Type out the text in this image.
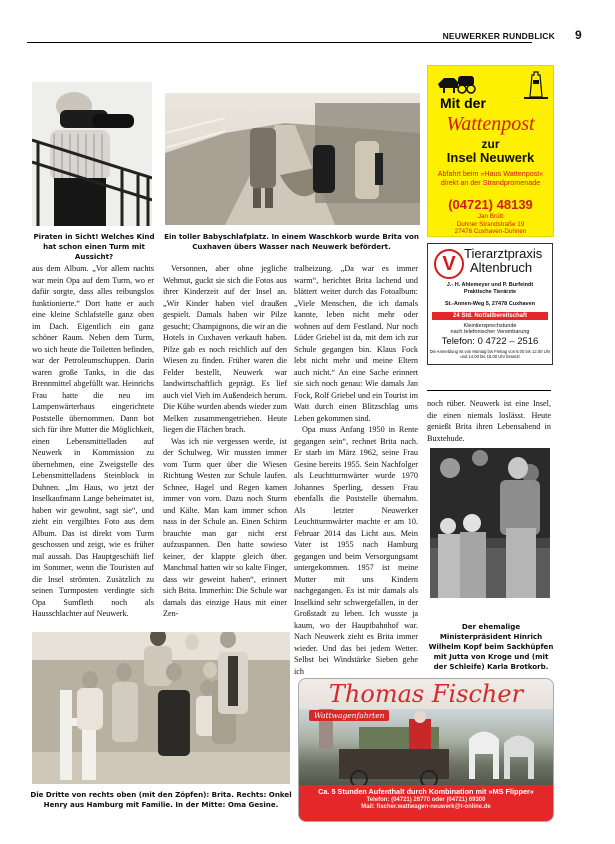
NEUWERKER RUNDBLICK 9
Piraten in Sicht! Welches Kind hat schon einen Turm mit Aussicht?
Ein toller Babyschlafplatz. In einem Waschkorb wurde Brita von Cuxhaven übers Wasser nach Neuwerk befördert.

aus dem Album. „Vor allem nachts war mein Opa auf dem Turm, wo er dafür sorgte, dass alles reibungslos funktionierte.“ Dort hatte er auch eine kleine Schlafstelle ganz oben im Dach. Eigentlich ein ganz schöner Raum. Neben dem Turm, wo sich heute die Toiletten befinden, war der Petroleumschuppen. Darin waren große Tanks, in die das Brennmittel abgefüllt war. Heinrichs Frau hatte die neu im Lampenwärterhaus eingerichtete Poststelle übernommen. Dann bot sich für ihre Mutter die Möglichkeit, einen Lebensmittelladen auf Neuwerk in Kommission zu übernehmen, eine Zweigstelle des Lebensmittelladens Steinblock in Duhnen. „Im Haus, wo jetzt der Inselkaufmann Lange beheimatet ist, haben wir gewohnt, sagt sie“, und zieht ein vergilbtes Foto aus dem Album. Das ist direkt vom Turm geschossen und zeigt, wie es früher mal aussah. Das Hauptgeschäft lief im Sommer, wenn die Touristen auf die Insel strömten. Zusätzlich zu seinen Turmposten verdingte sich Opa Sumfleth noch als Hausschlachter auf Neuwerk.

Versonnen, aber ohne jegliche Wehmut, guckt sie sich die Fotos aus ihrer Kinderzeit auf der Insel an. „Wir Kinder haben viel draußen gespielt. Damals haben wir Pilze gesucht; Champignons, die wir an die Hotels in Cuxhaven verkauft haben. Pilze gab es noch reichlich auf den Wiesen zu finden. Früher waren die Felder bestellt, Neuwerk war landwirtschaftlich geprägt. Es lief auch viel Vieh im Außendeich herum. Die Kühe wurden abends wieder zum Melken zusammengetrieben. Heute liegen die Flächen brach.

Was ich nie vergessen werde, ist der Schulweg. Wir mussten immer vom Turm quer über die Wiesen Richtung Westen zur Schule laufen. Schnee, Hagel und Regen kamen immer von vorn. Dazu noch Sturm und Kälte. Man kam immer schon nass in der Schule an. Einen Schirm brauchte man gar nicht erst aufzuspannen. Den hatte sowieso keiner, der klappte gleich über. Manchmal hatten wir so kalte Finger, dass wir geweint haben“, erinnert sich Brita. Immerhin: Die Schule war damals das einzige Haus mit einer Zen-

tralheizung. „Da war es immer warm“, berichtet Brita lachend und blättert weiter durch das Fotoalbum: „Viele Menschen, die ich damals kannte, leben nicht mehr oder wohnen auf dem Festland. Nur noch Lüder Griebel ist da, mit dem ich zur Schule gegangen bin. Klaus Fock lebt nicht mehr und meine Eltern auch nicht.“ An eine Sache erinnert sie sich noch genau: Wie damals Jan Fock, Rolf Griebel und ein Tourist im Watt durch einen Blitzschlag ums Leben gekommen sind.

Opa muss Anfang 1950 in Rente gegangen sein“, rechnet Brita nach. Er starb im März 1962, seine Frau Gesine bereits 1955. Sein Nachfolger als Leuchtturmwärter wurde 1970 Johannes Sperling, dessen Frau ebenfalls die Poststelle übernahm. Als letzter Neuwerker Leuchtturmwärter machte er am 10. Februar 2014 das Licht aus. Mein Vater ist 1955 nach Hamburg gegangen und beim Versorgungsamt untergekommen. 1957 ist meine Mutter mit uns Kindern nachgegangen. Es ist mir damals als Inselkind sehr schwergefallen, in der Großstadt zu leben. Ich wusste ja kaum, wo der Hauptbahnhof war. Nach Neuwerk zieht es Brita immer wieder. Und das bei jedem Wetter. Selbst bei Windstärke Sieben gehe ich

noch rüber. Neuwerk ist eine Insel, die einen niemals loslässt. Heute genießt Brita ihren Lebensabend in Buxtehude.

Die Dritte von rechts oben (mit den Zöpfen): Brita. Rechts: Onkel Henry aus Hamburg mit Familie. In der Mitte: Oma Gesine.
Der ehemalige Ministerpräsident Hinrich Wilhelm Kopf beim Sackhüpfen mit Jutta von Kroge und (mit der Schleife) Karla Brotkorb.
Mit der
Wattenpost
zur
Insel Neuwerk
Abfahrt beim »Haus Wattenpost« direkt an der Strandpromenade
(04721) 48139
Jan Brütt
Duhner Strandstraße 19
27476 Cuxhaven-Duhnen
V Tierarztpraxis
Altenbruch
J.- H. Ahlemeyer und P. Burfeindt
Praktische Tierärzte
St.-Annen-Weg 5, 27478 Cuxhaven
24 Std. Notfallbereitschaft
Kleintiersprechstunde
nach telefonischer Vereinbarung
Telefon: 0 4722 – 2516
Die Anmeldung ist von Montag bis Freitag von 8.00 bis 12.00 Uhr und 14.00 bis 18.00 Uhr besetzt
Thomas Fischer
Wattwagenfahrten
Ca. 5 Stunden Aufenthalt durch Kombination mit »MS Flipper«
Telefon: (04721) 28770 oder (04721) 69300
Mail: fischer.wattwagen-neuwerk@t-online.de
